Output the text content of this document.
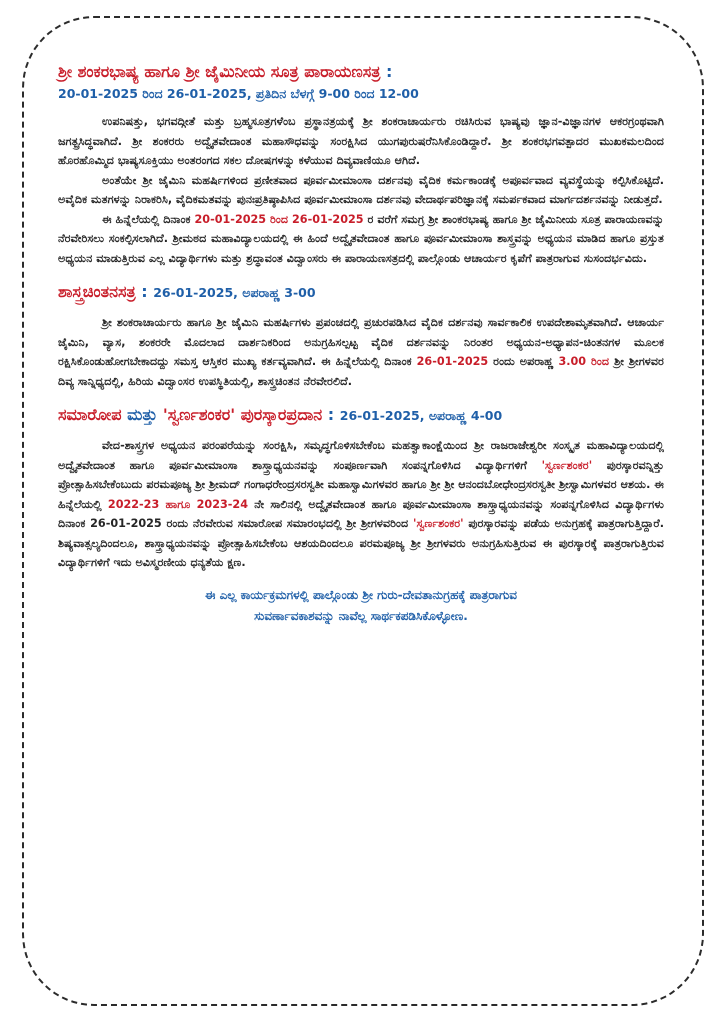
ಶ್ರೀ ಶಂಕರಭಾಷ್ಯ ಹಾಗೂ ಶ್ರೀ ಜೈಮಿನೀಯ ಸೂತ್ರ ಪಾರಾಯಣಸತ್ರ :
20-01-2025 ರಿಂದ 26-01-2025, ಪ್ರತಿದಿನ ಬೆಳಗ್ಗೆ 9-00 ರಿಂದ 12-00

ಉಪನಿಷತ್ತು, ಭಗವದ್ಗೀತೆ ಮತ್ತು ಬ್ರಹ್ಮಸೂತ್ರಗಳೆಂಬ ಪ್ರಸ್ಥಾನತ್ರಯಕ್ಕೆ ಶ್ರೀ ಶಂಕರಾಚಾರ್ಯರು ರಚಿಸಿರುವ ಭಾಷ್ಯವು ಜ್ಞಾನ-ವಿಜ್ಞಾನಗಳ ಆಕರಗ್ರಂಥವಾಗಿ ಜಗತ್ಪ್ರಸಿದ್ಧವಾಗಿದೆ. ಶ್ರೀ ಶಂಕರರು ಅದ್ವೈತವೇದಾಂತ ಮಹಾಸೌಧವನ್ನು ಸಂರಕ್ಷಿಸಿದ ಯುಗಪುರುಷರೆನಿಸಿಕೊಂಡಿದ್ದಾರೆ. ಶ್ರೀ ಶಂಕರಭಗವತ್ಪಾದರ ಮುಖಕಮಲದಿಂದ ಹೊರಹೊಮ್ಮಿದ ಭಾಷ್ಯಸೂಕ್ತಿಯು ಅಂತರಂಗದ ಸಕಲ ದೋಷಗಳನ್ನು ಕಳೆಯುವ ದಿವ್ಯವಾಣಿಯೂ ಆಗಿದೆ.

ಅಂತೆಯೇ ಶ್ರೀ ಜೈಮಿನಿ ಮಹರ್ಷಿಗಳಿಂದ ಪ್ರಣೀತವಾದ ಪೂರ್ವಮೀಮಾಂಸಾ ದರ್ಶನವು ವೈದಿಕ ಕರ್ಮಕಾಂಡಕ್ಕೆ ಅಪೂರ್ವವಾದ ವ್ಯವಸ್ಥೆಯನ್ನು ಕಲ್ಪಿಸಿಕೊಟ್ಟಿದೆ. ಅವೈದಿಕ ಮತಗಳನ್ನು ನಿರಾಕರಿಸಿ, ವೈದಿಕಮತವನ್ನು ಪುನಃಪ್ರತಿಷ್ಠಾಪಿಸಿದ ಪೂರ್ವಮೀಮಾಂಸಾ ದರ್ಶನವು ವೇದಾರ್ಥಪರಿಜ್ಞಾನಕ್ಕೆ ಸಮರ್ಪಕವಾದ ಮಾರ್ಗದರ್ಶನವನ್ನು ನೀಡುತ್ತದೆ.

ಈ ಹಿನ್ನೆಲೆಯಲ್ಲಿ ದಿನಾಂಕ 20-01-2025 ರಿಂದ 26-01-2025 ರ ವರೆಗೆ ಸಮಗ್ರ ಶ್ರೀ ಶಾಂಕರಭಾಷ್ಯ ಹಾಗೂ ಶ್ರೀ ಜೈಮಿನೀಯ ಸೂತ್ರ ಪಾರಾಯಣವನ್ನು ನೆರವೇರಿಸಲು ಸಂಕಲ್ಪಿಸಲಾಗಿದೆ. ಶ್ರೀಮಠದ ಮಹಾವಿದ್ಯಾಲಯದಲ್ಲಿ ಈ ಹಿಂದೆ ಅದ್ವೈತವೇದಾಂತ ಹಾಗೂ ಪೂರ್ವಮೀಮಾಂಸಾ ಶಾಸ್ತ್ರವನ್ನು ಅಧ್ಯಯನ ಮಾಡಿದ ಹಾಗೂ ಪ್ರಸ್ತುತ ಅಧ್ಯಯನ ಮಾಡುತ್ತಿರುವ ಎಲ್ಲ ವಿದ್ಯಾರ್ಥಿಗಳು ಮತ್ತು ಶ್ರದ್ಧಾವಂತ ವಿದ್ವಾಂಸರು ಈ ಪಾರಾಯಣಸತ್ರದಲ್ಲಿ ಪಾಲ್ಗೊಂಡು ಆಚಾರ್ಯರ ಕೃಪೆಗೆ ಪಾತ್ರರಾಗುವ ಸುಸಂದರ್ಭವಿದು.

ಶಾಸ್ತ್ರಚಿಂತನಸತ್ರ : 26-01-2025, ಅಪರಾಹ್ಣ 3-00

ಶ್ರೀ ಶಂಕರಾಚಾರ್ಯರು ಹಾಗೂ ಶ್ರೀ ಜೈಮಿನಿ ಮಹರ್ಷಿಗಳು ಪ್ರಪಂಚದಲ್ಲಿ ಪ್ರಚುರಪಡಿಸಿದ ವೈದಿಕ ದರ್ಶನವು ಸಾರ್ವಕಾಲಿಕ ಉಪದೇಶಾಮೃತವಾಗಿದೆ. ಆಚಾರ್ಯ ಜೈಮಿನಿ, ವ್ಯಾಸ, ಶಂಕರರೇ ಮೊದಲಾದ ದಾರ್ಶನಿಕರಿಂದ ಅನುಗ್ರಹಿಸಲ್ಪಟ್ಟ ವೈದಿಕ ದರ್ಶನವನ್ನು ನಿರಂತರ ಅಧ್ಯಯನ-ಅಧ್ಯಾಪನ-ಚಿಂತನಗಳ ಮೂಲಕ ರಕ್ಷಿಸಿಕೊಂಡುಹೋಗಬೇಕಾದದ್ದು ಸಮಸ್ತ ಆಸ್ತಿಕರ ಮುಖ್ಯ ಕರ್ತವ್ಯವಾಗಿದೆ. ಈ ಹಿನ್ನೆಲೆಯಲ್ಲಿ ದಿನಾಂಕ 26-01-2025 ರಂದು ಅಪರಾಹ್ಣ 3.00 ರಿಂದ ಶ್ರೀ ಶ್ರೀಗಳವರ ದಿವ್ಯ ಸಾನ್ನಿಧ್ಯದಲ್ಲಿ, ಹಿರಿಯ ವಿದ್ವಾಂಸರ ಉಪಸ್ಥಿತಿಯಲ್ಲಿ, ಶಾಸ್ತ್ರಚಿಂತನ ನೆರವೇರಲಿದೆ.

ಸಮಾರೋಪ ಮತ್ತು 'ಸ್ವರ್ಣಶಂಕರ' ಪುರಸ್ಕಾರಪ್ರದಾನ : 26-01-2025, ಅಪರಾಹ್ಣ 4-00

ವೇದ-ಶಾಸ್ತ್ರಗಳ ಅಧ್ಯಯನ ಪರಂಪರೆಯನ್ನು ಸಂರಕ್ಷಿಸಿ, ಸಮೃದ್ಧಗೊಳಿಸಬೇಕೆಂಬ ಮಹತ್ವಾಕಾಂಕ್ಷೆಯಿಂದ ಶ್ರೀ ರಾಜರಾಜೇಶ್ವರೀ ಸಂಸ್ಕೃತ ಮಹಾವಿದ್ಯಾಲಯದಲ್ಲಿ ಅದ್ವೈತವೇದಾಂತ ಹಾಗೂ ಪೂರ್ವಮೀಮಾಂಸಾ ಶಾಸ್ತ್ರಾಧ್ಯಯನವನ್ನು ಸಂಪೂರ್ಣವಾಗಿ ಸಂಪನ್ನಗೊಳಿಸಿದ ವಿದ್ಯಾರ್ಥಿಗಳಿಗೆ 'ಸ್ವರ್ಣಶಂಕರ' ಪುರಸ್ಕಾರವನ್ನಿತ್ತು ಪ್ರೋತ್ಸಾಹಿಸಬೇಕೆಂಬುದು ಪರಮಪೂಜ್ಯ ಶ್ರೀ ಶ್ರೀಮದ್ ಗಂಗಾಧರೇಂದ್ರಸರಸ್ವತೀ ಮಹಾಸ್ವಾಮಿಗಳವರ ಹಾಗೂ ಶ್ರೀ ಶ್ರೀ ಆನಂದಬೋಧೇಂದ್ರಸರಸ್ವತೀ ಶ್ರೀಸ್ವಾಮಿಗಳವರ ಆಶಯ. ಈ ಹಿನ್ನೆಲೆಯಲ್ಲಿ 2022-23 ಹಾಗೂ 2023-24 ನೇ ಸಾಲಿನಲ್ಲಿ ಅದ್ವೈತವೇದಾಂತ ಹಾಗೂ ಪೂರ್ವಮೀಮಾಂಸಾ ಶಾಸ್ತ್ರಾಧ್ಯಯನವನ್ನು ಸಂಪನ್ನಗೊಳಿಸಿದ ವಿದ್ಯಾರ್ಥಿಗಳು ದಿನಾಂಕ 26-01-2025 ರಂದು ನೆರವೇರುವ ಸಮಾರೋಪ ಸಮಾರಂಭದಲ್ಲಿ ಶ್ರೀ ಶ್ರೀಗಳವರಿಂದ 'ಸ್ವರ್ಣಶಂಕರ' ಪುರಸ್ಕಾರವನ್ನು ಪಡೆಯ ಅನುಗ್ರಹಕ್ಕೆ ಪಾತ್ರರಾಗುತ್ತಿದ್ದಾರೆ. ಶಿಷ್ಯವಾತ್ಸಲ್ಯದಿಂದಲೂ, ಶಾಸ್ತ್ರಾಧ್ಯಯನವನ್ನು ಪ್ರೋತ್ಸಾಹಿಸಬೇಕೆಂಬ ಆಶಯದಿಂದಲೂ ಪರಮಪೂಜ್ಯ ಶ್ರೀ ಶ್ರೀಗಳವರು ಅನುಗ್ರಹಿಸುತ್ತಿರುವ ಈ ಪುರಸ್ಕಾರಕ್ಕೆ ಪಾತ್ರರಾಗುತ್ತಿರುವ ವಿದ್ಯಾರ್ಥಿಗಳಿಗೆ ಇದು ಅವಿಸ್ಮರಣೀಯ ಧನ್ಯತೆಯ ಕ್ಷಣ.

ಈ ಎಲ್ಲ ಕಾರ್ಯಕ್ರಮಗಳಲ್ಲಿ ಪಾಲ್ಗೊಂಡು ಶ್ರೀ ಗುರು-ದೇವತಾನುಗ್ರಹಕ್ಕೆ ಪಾತ್ರರಾಗುವ
ಸುವರ್ಣಾವಕಾಶವನ್ನು ನಾವೆಲ್ಲ ಸಾರ್ಥಕಪಡಿಸಿಕೊಳ್ಳೋಣ.
